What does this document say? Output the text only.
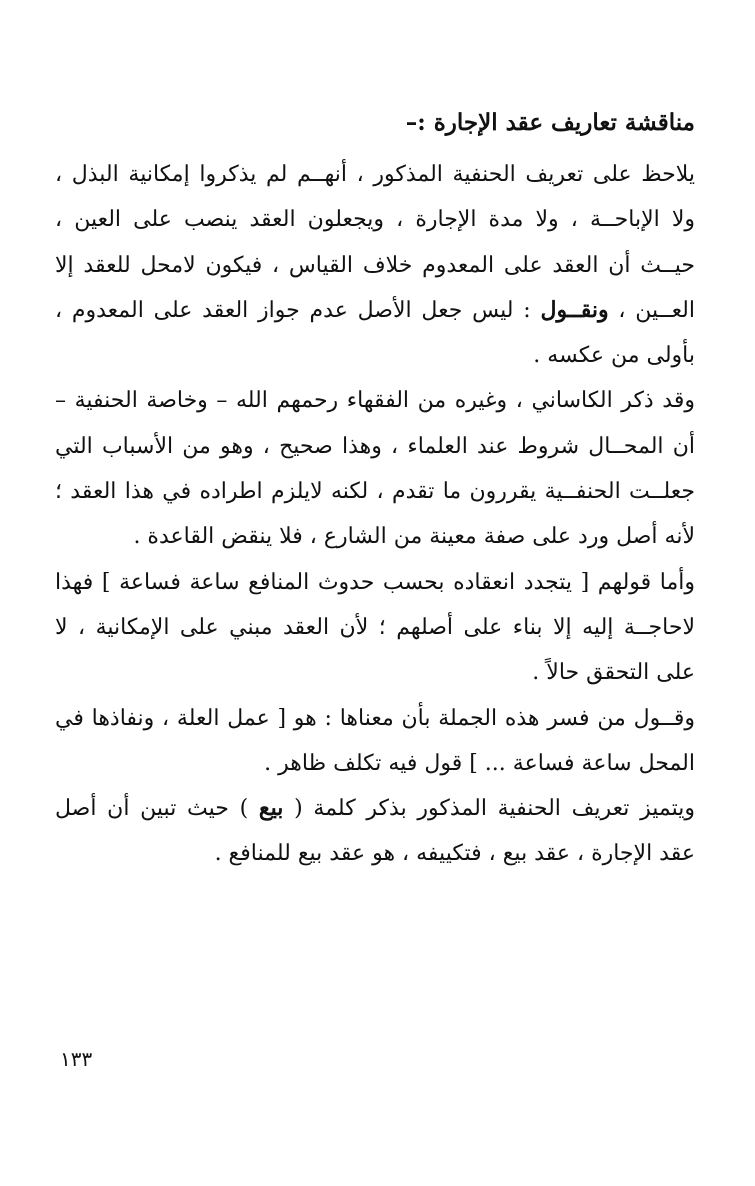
مناقشة تعاريف عقد الإجارة :–
يلاحظ على تعريف الحنفية المذكور ، أنهــم لم يذكروا إمكانية البذل ،
ولا الإباحــة ، ولا مدة الإجارة ، ويجعلون العقد ينصب على العين ،
حيــث أن العقد على المعدوم خلاف القياس ، فيكون لامحل للعقد إلا
العــين ، ونقــول : ليس جعل الأصل عدم جواز العقد على المعدوم ،
بأولى من عكسه .
وقد ذكر الكاساني ، وغيره من الفقهاء رحمهم الله – وخاصة الحنفية –
أن المحــال شروط عند العلماء ، وهذا صحيح ، وهو من الأسباب التي
جعلــت الحنفــية يقررون ما تقدم ، لكنه لايلزم اطراده في هذا العقد ؛
لأنه أصل ورد على صفة معينة من الشارع ، فلا ينقض القاعدة .
وأما قولهم [ يتجدد انعقاده بحسب حدوث المنافع ساعة فساعة ] فهذا
لاحاجــة إليه إلا بناء على أصلهم ؛ لأن العقد مبني على الإمكانية ، لا
على التحقق حالاً .
وقــول من فسر هذه الجملة بأن معناها : هو [ عمل العلة ، ونفاذها في
المحل ساعة فساعة ... ] قول فيه تكلف ظاهر .
ويتميز تعريف الحنفية المذكور بذكر كلمة ( بيع ) حيث تبين أن أصل
عقد الإجارة ، عقد بيع ، فتكييفه ، هو عقد بيع للمنافع .
١٣٣
